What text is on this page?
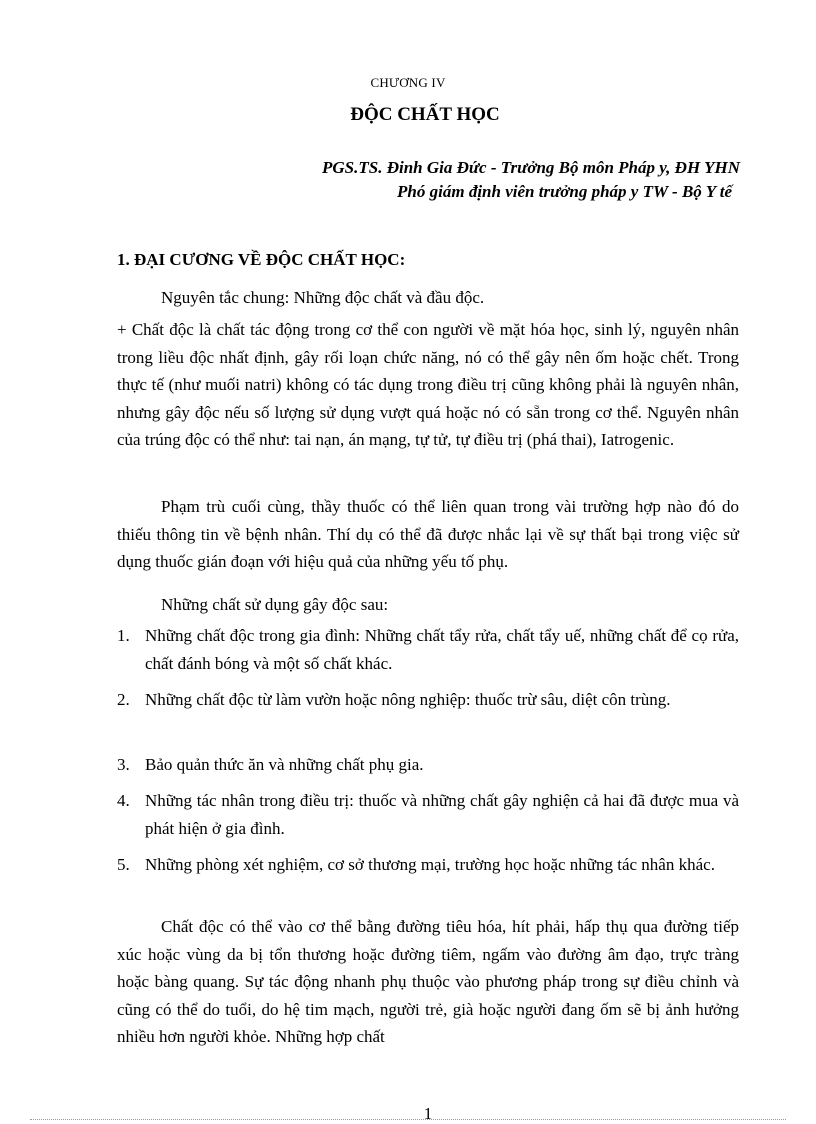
CHƯƠNG IV
ĐỘC CHẤT HỌC
PGS.TS. Đinh Gia Đức - Trưởng Bộ môn Pháp y, ĐH YHN
Phó giám định viên trưởng pháp y TW - Bộ Y tế
1. ĐẠI CƯƠNG VỀ ĐỘC CHẤT HỌC:

Nguyên tắc chung: Những độc chất và đầu độc.

+ Chất độc là chất tác động trong cơ thể con người về mặt hóa học, sinh lý, nguyên nhân trong liều độc nhất định, gây rối loạn chức năng, nó có thể gây nên ốm hoặc chết. Trong thực tế (như muối natri) không có tác dụng trong điều trị cũng không phải là nguyên nhân, nhưng gây độc nếu số lượng sử dụng vượt quá hoặc nó có sẵn trong cơ thể. Nguyên nhân của trúng độc có thể như: tai nạn, án mạng, tự tử, tự điều trị (phá thai), Iatrogenic.

Phạm trù cuối cùng, thầy thuốc có thể liên quan trong vài trường hợp nào đó do thiếu thông tin về bệnh nhân. Thí dụ có thể đã được nhắc lại về sự thất bại trong việc sử dụng thuốc gián đoạn với hiệu quả của những yếu tố phụ.

Những chất sử dụng gây độc sau:

1. Những chất độc trong gia đình: Những chất tẩy rửa, chất tẩy uế, những chất để cọ rửa, chất đánh bóng và một số chất khác.
2. Những chất độc từ làm vườn hoặc nông nghiệp: thuốc trừ sâu, diệt côn trùng.
3. Bảo quản thức ăn và những chất phụ gia.
4. Những tác nhân trong điều trị: thuốc và những chất gây nghiện cả hai đã được mua và phát hiện ở gia đình.
5. Những phòng xét nghiệm, cơ sở thương mại, trường học hoặc những tác nhân khác.

Chất độc có thể vào cơ thể bằng đường tiêu hóa, hít phải, hấp thụ qua đường tiếp xúc hoặc vùng da bị tổn thương hoặc đường tiêm, ngấm vào đường âm đạo, trực tràng hoặc bàng quang. Sự tác động nhanh phụ thuộc vào phương pháp trong sự điều chỉnh và cũng có thể do tuổi, do hệ tim mạch, người trẻ, già hoặc người đang ốm sẽ bị ảnh hưởng nhiều hơn người khỏe. Những hợp chất

1
